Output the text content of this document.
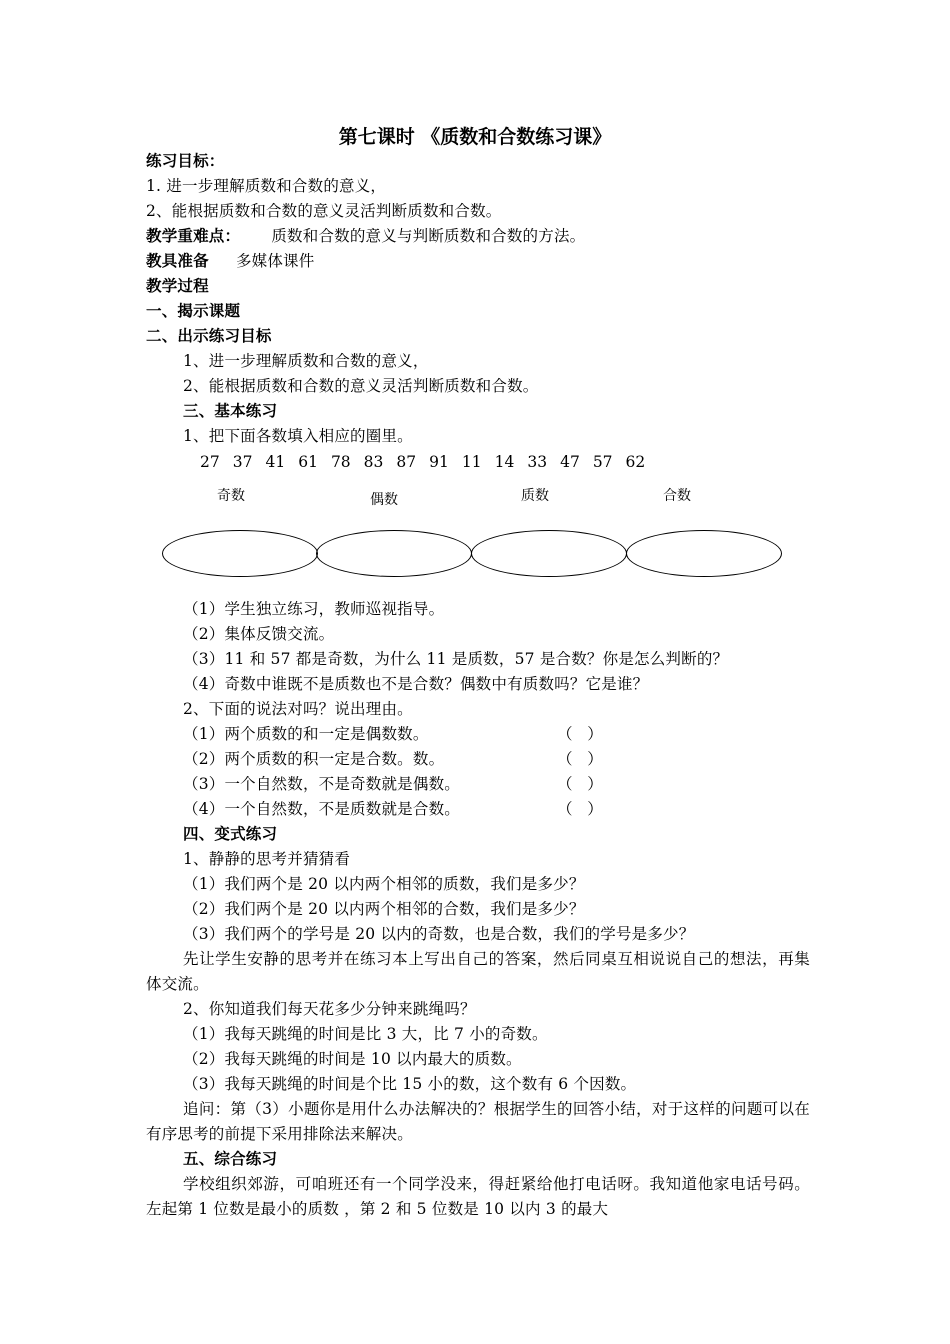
第七课时 《质数和合数练习课》
练习目标：
1. 进一步理解质数和合数的意义，
2、能根据质数和合数的意义灵活判断质数和合数。
教学重难点： 质数和合数的意义与判断质数和合数的方法。
教具准备 多媒体课件
教学过程
一、揭示课题
二、出示练习目标
1、进一步理解质数和合数的意义，
2、能根据质数和合数的意义灵活判断质数和合数。
三、基本练习
1、把下面各数填入相应的圈里。
27 37 41 61 78 83 87 91 11 14 33 47 57 62
奇数	偶数	质数	合数
（1）学生独立练习，教师巡视指导。
（2）集体反馈交流。
（3）11 和 57 都是奇数，为什么 11 是质数，57 是合数？你是怎么判断的？
（4）奇数中谁既不是质数也不是合数？偶数中有质数吗？它是谁？
2、下面的说法对吗？说出理由。
（1）两个质数的和一定是偶数数。	（   ）
（2）两个质数的积一定是合数。数。	（   ）
（3）一个自然数，不是奇数就是偶数。	（   ）
（4）一个自然数，不是质数就是合数。	（   ）
四、变式练习
1、静静的思考并猜猜看
（1）我们两个是 20 以内两个相邻的质数，我们是多少？
（2）我们两个是 20 以内两个相邻的合数，我们是多少？
（3）我们两个的学号是 20 以内的奇数，也是合数，我们的学号是多少？
先让学生安静的思考并在练习本上写出自己的答案，然后同桌互相说说自己的想法，再集体交流。
2、你知道我们每天花多少分钟来跳绳吗？
（1）我每天跳绳的时间是比 3 大，比 7 小的奇数。
（2）我每天跳绳的时间是 10 以内最大的质数。
（3）我每天跳绳的时间是个比 15 小的数，这个数有 6 个因数。
追问：第（3）小题你是用什么办法解决的？根据学生的回答小结，对于这样的问题可以在有序思考的前提下采用排除法来解决。
五、综合练习
学校组织郊游，可咱班还有一个同学没来，得赶紧给他打电话呀。我知道他家电话号码。左起第 1 位数是最小的质数 ，第 2 和 5 位数是 10 以内 3 的最大
